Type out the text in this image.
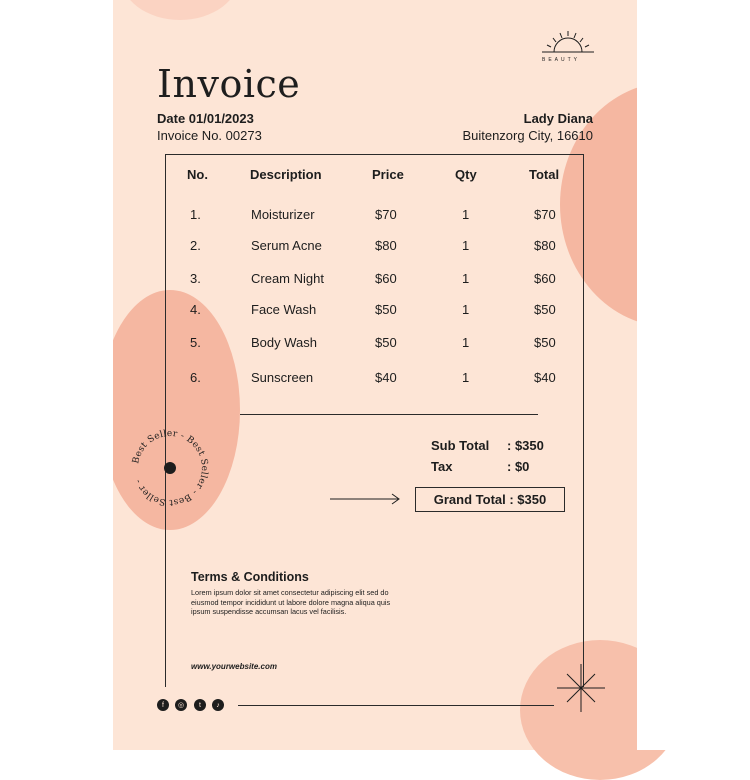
BEAUTY
Invoice
Date 01/01/2023
Invoice No. 00273
Lady Diana
Buitenzorg City, 16610
No.	Description	Price	Qty	Total
1.	Moisturizer	$70	1	$70
2.	Serum Acne	$80	1	$80
3.	Cream Night	$60	1	$60
4.	Face Wash	$50	1	$50
5.	Body Wash	$50	1	$50
6.	Sunscreen	$40	1	$40
Sub Total : $350
Tax	: $0
Grand Total : $350
Best Seller - Best Seller - Best Seller -
Terms & Conditions
Lorem ipsum dolor sit amet consectetur adipiscing elit sed do eiusmod tempor incididunt ut labore dolore magna aliqua quis ipsum suspendisse accumsan lacus vel facilisis.
www.yourwebsite.com
f	◎	t	♪
